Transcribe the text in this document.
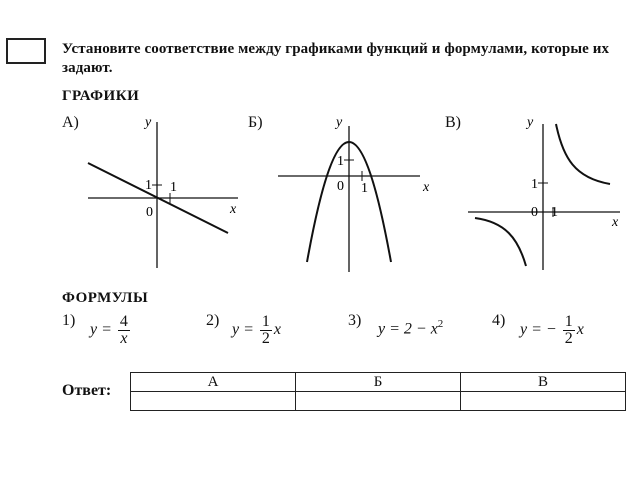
Установите соответствие между графиками функций и формулами, которые их задают.
ГРАФИКИ
А)	Б)	В)
y
x
0
1 1
y
x
0
1
1
y
x
0
1
1
ФОРМУЛЫ
1)	2)	3)	4)
$y = \frac{4}{x}$	$y = \frac{1}{2}$ x	$y = 2 - x^2$	y = − $\frac{1}{2}$ x
Ответ:
А	Б	В
